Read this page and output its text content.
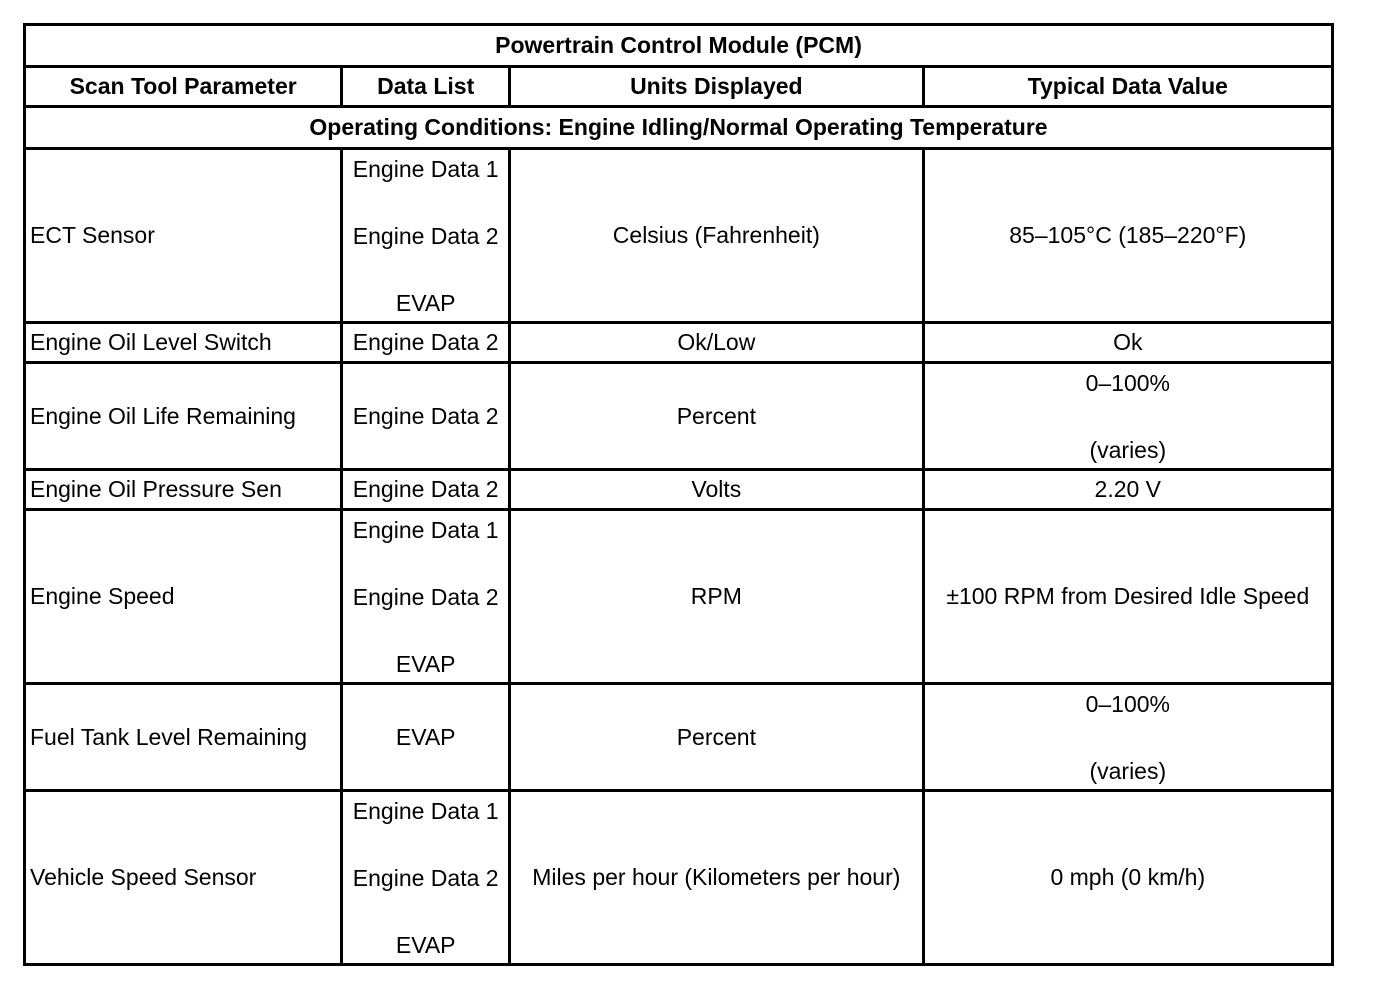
Powertrain Control Module (PCM)			
Scan Tool Parameter	Data List	Units Displayed	Typical Data Value
Operating Conditions: Engine Idling/Normal Operating Temperature			
ECT Sensor	Engine Data 1
Engine Data 2
EVAP	Celsius (Fahrenheit)	85–105°C (185–220°F)
Engine Oil Level Switch	Engine Data 2	Ok/Low	Ok
Engine Oil Life Remaining	Engine Data 2	Percent	0–100%
(varies)

Engine Oil Pressure Sen	Engine Data 2	Volts	2.20 V
Engine Speed	Engine Data 1
Engine Data 2
EVAP	RPM	±100 RPM from Desired Idle Speed
Fuel Tank Level Remaining	EVAP	Percent	0–100%
(varies)

Vehicle Speed Sensor	Engine Data 1
Engine Data 2
EVAP	Miles per hour (Kilometers per hour)	0 mph (0 km/h)
